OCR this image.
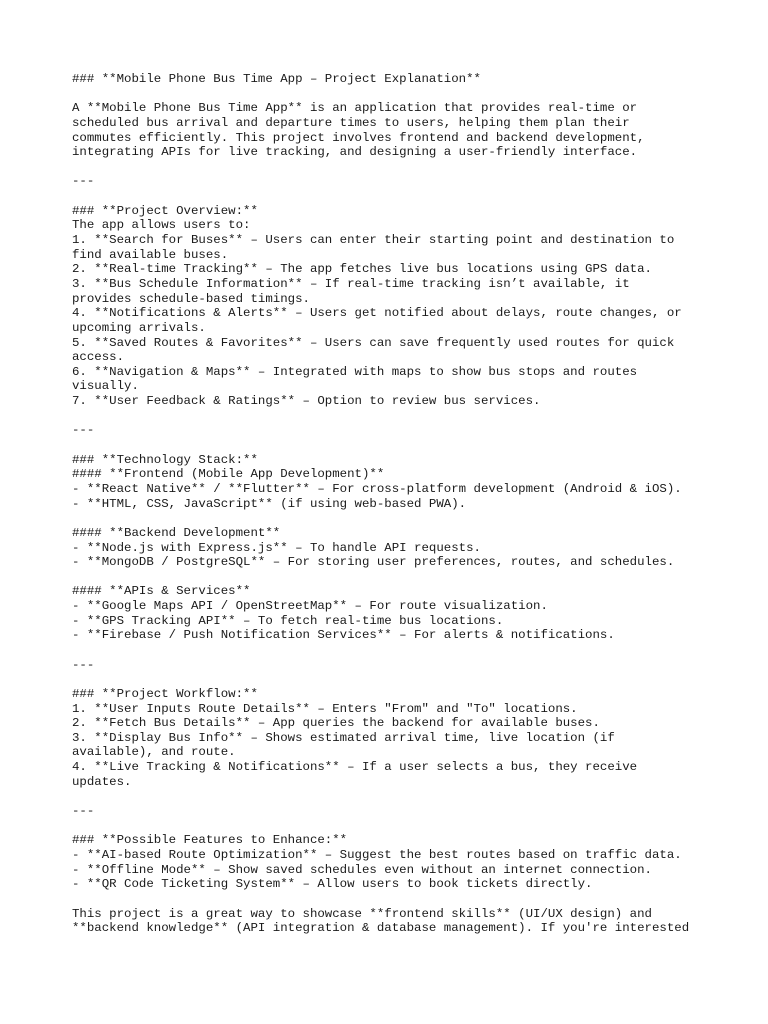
### **Mobile Phone Bus Time App – Project Explanation**
A **Mobile Phone Bus Time App** is an application that provides real-time or
scheduled bus arrival and departure times to users, helping them plan their
commutes efficiently. This project involves frontend and backend development,
integrating APIs for live tracking, and designing a user-friendly interface.
---
### **Project Overview:**
The app allows users to:
1. **Search for Buses** – Users can enter their starting point and destination to
find available buses.
2. **Real-time Tracking** – The app fetches live bus locations using GPS data.
3. **Bus Schedule Information** – If real-time tracking isn’t available, it
provides schedule-based timings.
4. **Notifications & Alerts** – Users get notified about delays, route changes, or
upcoming arrivals.
5. **Saved Routes & Favorites** – Users can save frequently used routes for quick
access.
6. **Navigation & Maps** – Integrated with maps to show bus stops and routes
visually.
7. **User Feedback & Ratings** – Option to review bus services.
---
### **Technology Stack:**
#### **Frontend (Mobile App Development)**
- **React Native** / **Flutter** – For cross-platform development (Android & iOS).
- **HTML, CSS, JavaScript** (if using web-based PWA).
#### **Backend Development**
- **Node.js with Express.js** – To handle API requests.
- **MongoDB / PostgreSQL** – For storing user preferences, routes, and schedules.
#### **APIs & Services**
- **Google Maps API / OpenStreetMap** – For route visualization.
- **GPS Tracking API** – To fetch real-time bus locations.
- **Firebase / Push Notification Services** – For alerts & notifications.
---
### **Project Workflow:**
1. **User Inputs Route Details** – Enters "From" and "To" locations.
2. **Fetch Bus Details** – App queries the backend for available buses.
3. **Display Bus Info** – Shows estimated arrival time, live location (if
available), and route.
4. **Live Tracking & Notifications** – If a user selects a bus, they receive
updates.
---
### **Possible Features to Enhance:**
- **AI-based Route Optimization** – Suggest the best routes based on traffic data.
- **Offline Mode** – Show saved schedules even without an internet connection.
- **QR Code Ticketing System** – Allow users to book tickets directly.
This project is a great way to showcase **frontend skills** (UI/UX design) and
**backend knowledge** (API integration & database management). If you're interested
